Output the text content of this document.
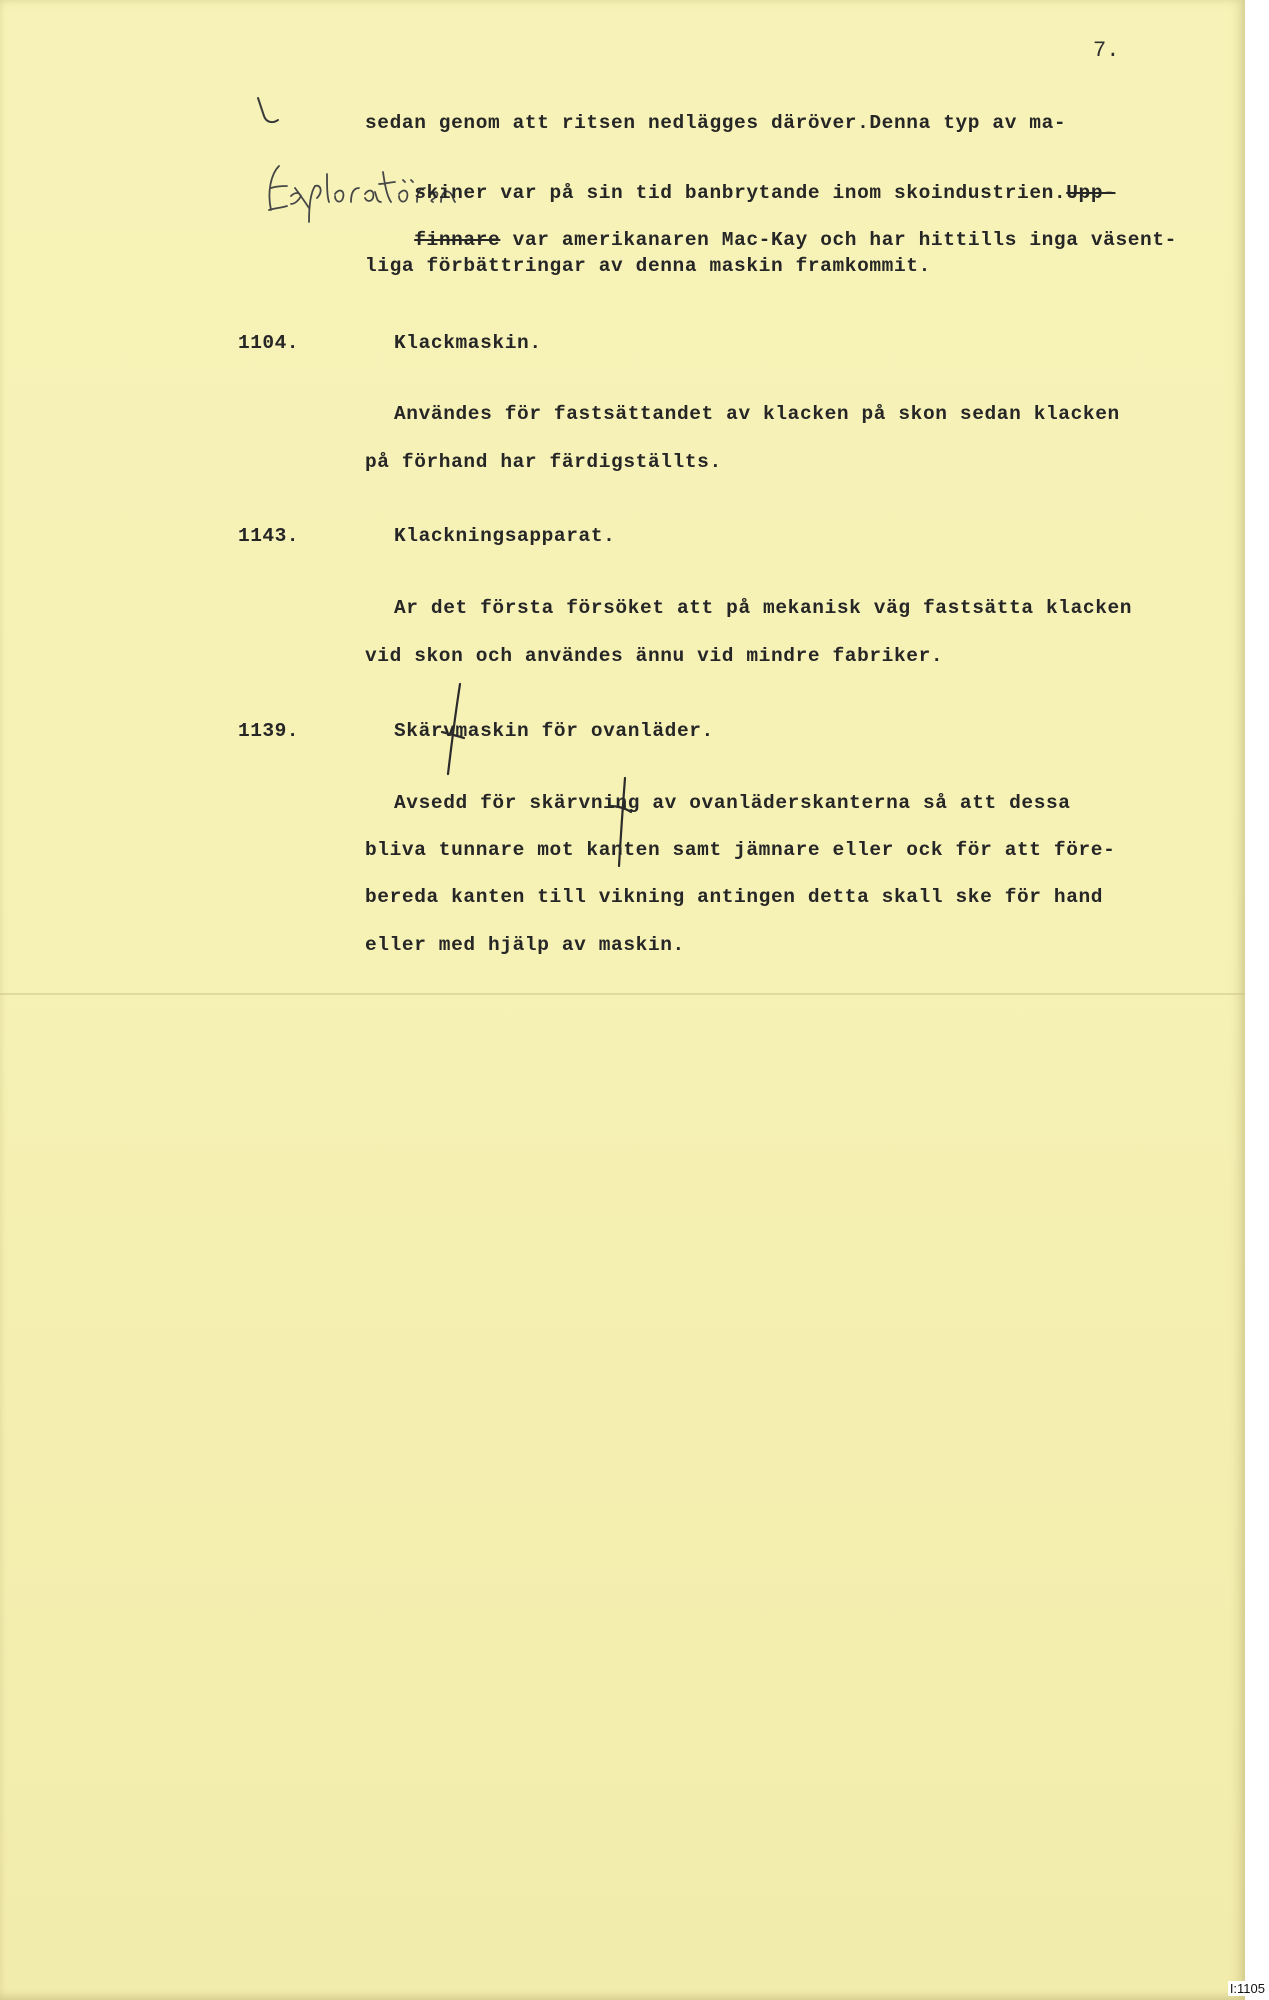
7.
sedan genom att ritsen nedlägges däröver.Denna typ av ma-

skiner var på sin tid banbrytande inom skoindustrien.Upp-

finnare var amerikanaren Mac-Kay och har hittills inga väsent-

liga förbättringar av denna maskin framkommit.
1104.	Klackmaskin.
Användes för fastsättandet av klacken på skon sedan klacken
på förhand har färdigställts.
1143.	Klackningsapparat.
Ar det första försöket att på mekanisk väg fastsätta klacken
vid skon och användes ännu vid mindre fabriker.
1139.	Skärvmaskin för ovanläder.
Avsedd för skärvning av ovanläderskanterna så att dessa
bliva tunnare mot kanten samt jämnare eller ock för att före-
bereda kanten till vikning antingen detta skall ske för hand
eller med hjälp av maskin.
I:1105
